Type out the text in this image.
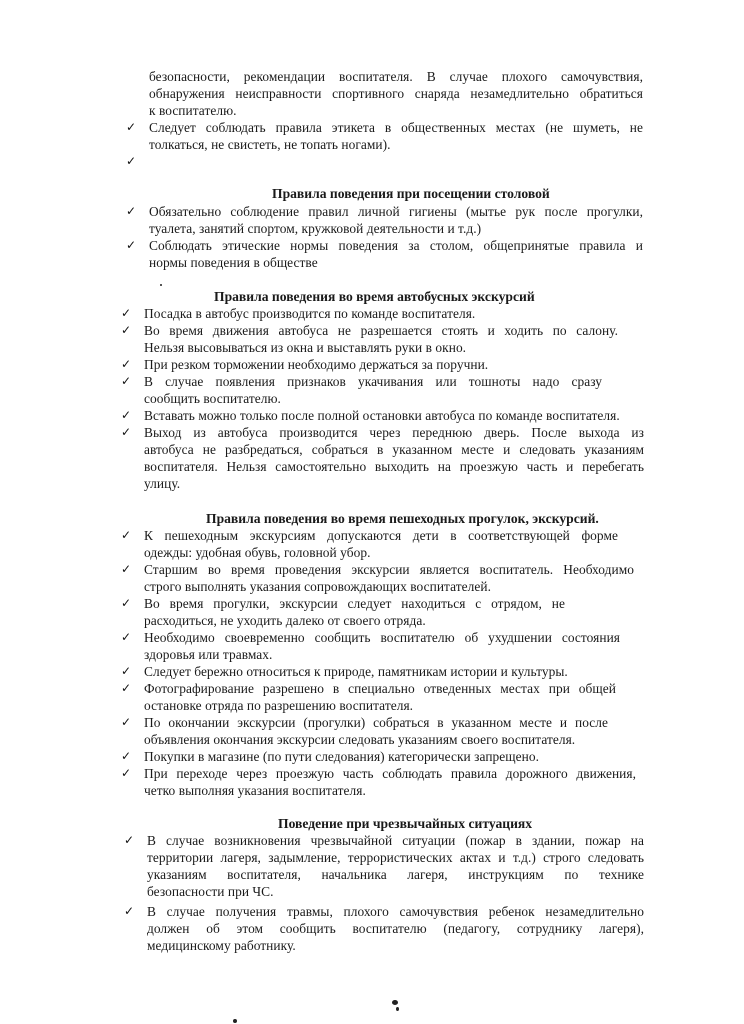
безопасности, рекомендации воспитателя. В случае плохого самочувствия,
обнаружения неисправности спортивного снаряда незамедлительно обратиться
к воспитателю.
✓ Следует соблюдать правила этикета в общественных местах (не шуметь, не
толкаться, не свистеть, не топать ногами).
✓
Правила поведения при посещении столовой
✓ Обязательно соблюдение правил личной гигиены (мытье рук после прогулки,
туалета, занятий спортом, кружковой деятельности и т.д.)
✓ Соблюдать этические нормы поведения за столом, общепринятые правила и
нормы поведения в обществе
Правила поведения во время автобусных экскурсий
✓ Посадка в автобус производится по команде воспитателя.
✓ Во время движения автобуса не разрешается стоять и ходить по салону.
Нельзя высовываться из окна и выставлять руки в окно.
✓ При резком торможении необходимо держаться за поручни.
✓ В случае появления признаков укачивания или тошноты надо сразу
сообщить воспитателю.
✓ Вставать можно только после полной остановки автобуса по команде воспитателя.
✓ Выход из автобуса производится через переднюю дверь. После выхода из
автобуса не разбредаться, собраться в указанном месте и следовать указаниям
воспитателя. Нельзя самостоятельно выходить на проезжую часть и перебегать
улицу.
Правила поведения во время пешеходных прогулок, экскурсий.
✓ К пешеходным экскурсиям допускаются дети в соответствующей форме
одежды: удобная обувь, головной убор.
✓ Старшим во время проведения экскурсии является воспитатель. Необходимо
строго выполнять указания сопровождающих воспитателей.
✓ Во время прогулки, экскурсии следует находиться с отрядом, не
расходиться, не уходить далеко от своего отряда.
✓ Необходимо своевременно сообщить воспитателю об ухудшении состояния
здоровья или травмах.
✓ Следует бережно относиться к природе, памятникам истории и культуры.
✓ Фотографирование разрешено в специально отведенных местах при общей
остановке отряда по разрешению воспитателя.
✓ По окончании экскурсии (прогулки) собраться в указанном месте и после
объявления окончания экскурсии следовать указаниям своего воспитателя.
✓ Покупки в магазине (по пути следования) категорически запрещено.
✓ При переходе через проезжую часть соблюдать правила дорожного движения,
четко выполняя указания воспитателя.
Поведение при чрезвычайных ситуациях
✓ В случае возникновения чрезвычайной ситуации (пожар в здании, пожар на
территории лагеря, задымление, террористических актах и т.д.) строго следовать
указаниям воспитателя, начальника лагеря, инструкциям по технике
безопасности при ЧС.
✓ В случае получения травмы, плохого самочувствия ребенок незамедлительно
должен об этом сообщить воспитателю (педагогу, сотруднику лагеря),
медицинскому работнику.
